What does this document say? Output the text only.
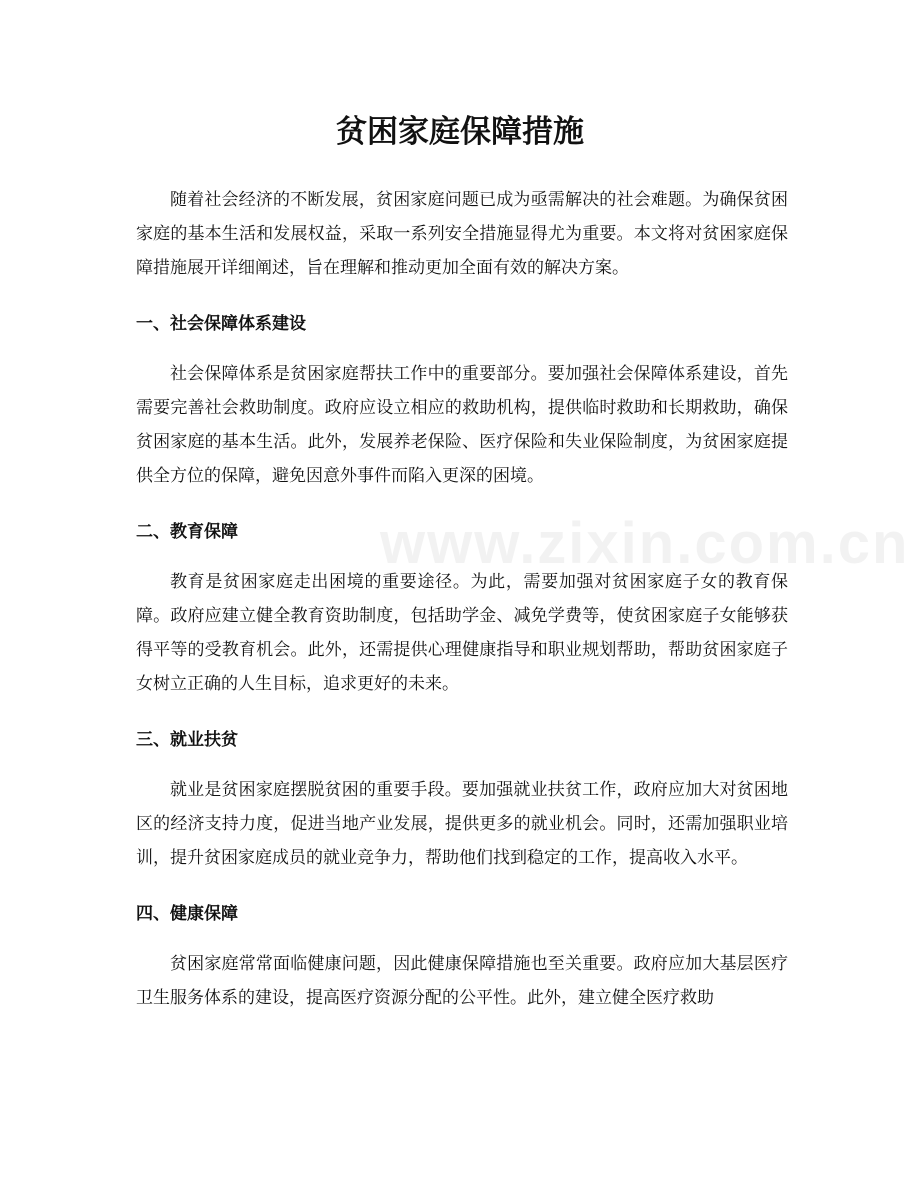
www.zixin.com.cn
贫困家庭保障措施

随着社会经济的不断发展，贫困家庭问题已成为亟需解决的社会难题。为确保贫困家庭的基本生活和发展权益，采取一系列安全措施显得尤为重要。本文将对贫困家庭保障措施展开详细阐述，旨在理解和推动更加全面有效的解决方案。

一、社会保障体系建设

社会保障体系是贫困家庭帮扶工作中的重要部分。要加强社会保障体系建设，首先需要完善社会救助制度。政府应设立相应的救助机构，提供临时救助和长期救助，确保贫困家庭的基本生活。此外，发展养老保险、医疗保险和失业保险制度，为贫困家庭提供全方位的保障，避免因意外事件而陷入更深的困境。

二、教育保障

教育是贫困家庭走出困境的重要途径。为此，需要加强对贫困家庭子女的教育保障。政府应建立健全教育资助制度，包括助学金、减免学费等，使贫困家庭子女能够获得平等的受教育机会。此外，还需提供心理健康指导和职业规划帮助，帮助贫困家庭子女树立正确的人生目标，追求更好的未来。

三、就业扶贫

就业是贫困家庭摆脱贫困的重要手段。要加强就业扶贫工作，政府应加大对贫困地区的经济支持力度，促进当地产业发展，提供更多的就业机会。同时，还需加强职业培训，提升贫困家庭成员的就业竞争力，帮助他们找到稳定的工作，提高收入水平。

四、健康保障

贫困家庭常常面临健康问题，因此健康保障措施也至关重要。政府应加大基层医疗卫生服务体系的建设，提高医疗资源分配的公平性。此外，建立健全医疗救助
